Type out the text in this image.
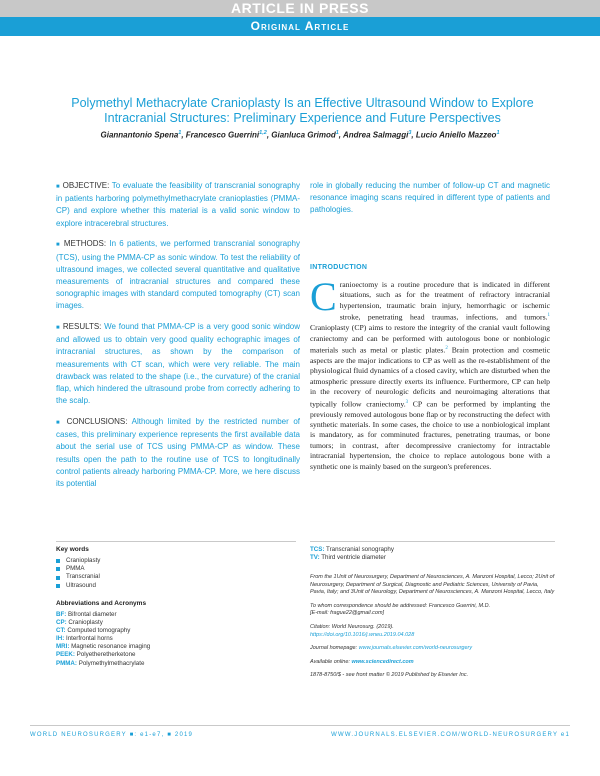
ARTICLE IN PRESS
Original Article
Polymethyl Methacrylate Cranioplasty Is an Effective Ultrasound Window to Explore Intracranial Structures: Preliminary Experience and Future Perspectives
Giannantonio Spena$^1$, Francesco Guerrini$^{1,2}$, Gianluca Grimod$^1$, Andrea Salmaggi$^3$, Lucio Aniello Mazzeo$^1$

■ OBJECTIVE: To evaluate the feasibility of transcranial sonography in patients harboring polymethylmethacrylate cranioplasties (PMMA-CP) and explore whether this material is a valid sonic window to explore intracerebral structures.

■ METHODS: In 6 patients, we performed transcranial sonography (TCS), using the PMMA-CP as sonic window. To test the reliability of ultrasound images, we collected several quantitative and qualitative measurements of intracranial structures and compared these sonographic images with standard computed tomography (CT) scan images.

■ RESULTS: We found that PMMA-CP is a very good sonic window and allowed us to obtain very good quality echographic images of intracranial structures, as shown by the comparison of measurements with CT scan, which were very reliable. The main drawback was related to the shape (i.e., the curvature) of the cranial flap, which hindered the ultrasound probe from correctly adhering to the scalp.

■ CONCLUSIONS: Although limited by the restricted number of cases, this preliminary experience represents the first available data about the serial use of TCS using PMMA-CP as window. These results open the path to the routine use of TCS to longitudinally control patients already harboring PMMA-CP. More, we here discuss its potential

role in globally reducing the number of follow-up CT and magnetic resonance imaging scans required in different type of patients and pathologies.
INTRODUCTION
Cranioectomy is a routine procedure that is indicated in different situations, such as for the treatment of refractory intracranial hypertension, traumatic brain injury, hemorrhagic or ischemic stroke, penetrating head traumas, infections, and tumors.$^1$ Cranioplasty (CP) aims to restore the integrity of the cranial vault following craniectomy and can be performed with autologous bone or nonbiologic materials such as metal or plastic plates.$^2$ Brain protection and cosmetic aspects are the major indications to CP as well as the re-establishment of the physiological fluid dynamics of a closed cavity, which are disturbed when the atmospheric pressure directly exerts its influence. Furthermore, CP can help in the recovery of neurologic deficits and neuroimaging alterations that typically follow craniectomy.$^3$ CP can be performed by implanting the previously removed autologous bone flap or by reconstructing the defect with synthetic materials. In some cases, the choice to use a nonbiological implant is mandatory, as for comminuted fractures, penetrating traumas, or bone tumors; in contrast, after decompressive craniectomy for intractable intracranial hypertension, the choice to replace autologous bone with a synthetic one is mainly based on the surgeon's preferences.
Key words
Cranioplasty
PMMA
Transcranial
Ultrasound
Abbreviations and Acronyms
BF: Bifrontal diameter
CP: Cranioplasty
CT: Computed tomography
IH: Interfrontal horns
MRI: Magnetic resonance imaging
PEEK: Polyetheretherketone
PMMA: Polymethylmethacrylate
TCS: Transcranial sonography
TV: Third ventricle diameter

From the 1Unit of Neurosurgery, Department of Neurosciences, A. Manzoni Hospital, Lecco; 2Unit of Neurosurgery, Department of Surgical, Diagnostic and Pediatric Sciences, University of Pavia, Pavia, Italy; and 3Unit of Neurology, Department of Neurosciences, A. Manzoni Hospital, Lecco, Italy

To whom correspondence should be addressed: Francesco Guerrini, M.D.

[E-mail: frague22@gmail.com]

Citation: World Neurosurg. (2019).

https://doi.org/10.1016/j.wneu.2019.04.028

Journal homepage: www.journals.elsevier.com/world-neurosurgery

Available online: www.sciencedirect.com

1878-8750/$ - see front matter © 2019 Published by Elsevier Inc.

WORLD NEUROSURGERY ■: e1-e7, ■ 2019	WWW.JOURNALS.ELSEVIER.COM/WORLD-NEUROSURGERY e1
